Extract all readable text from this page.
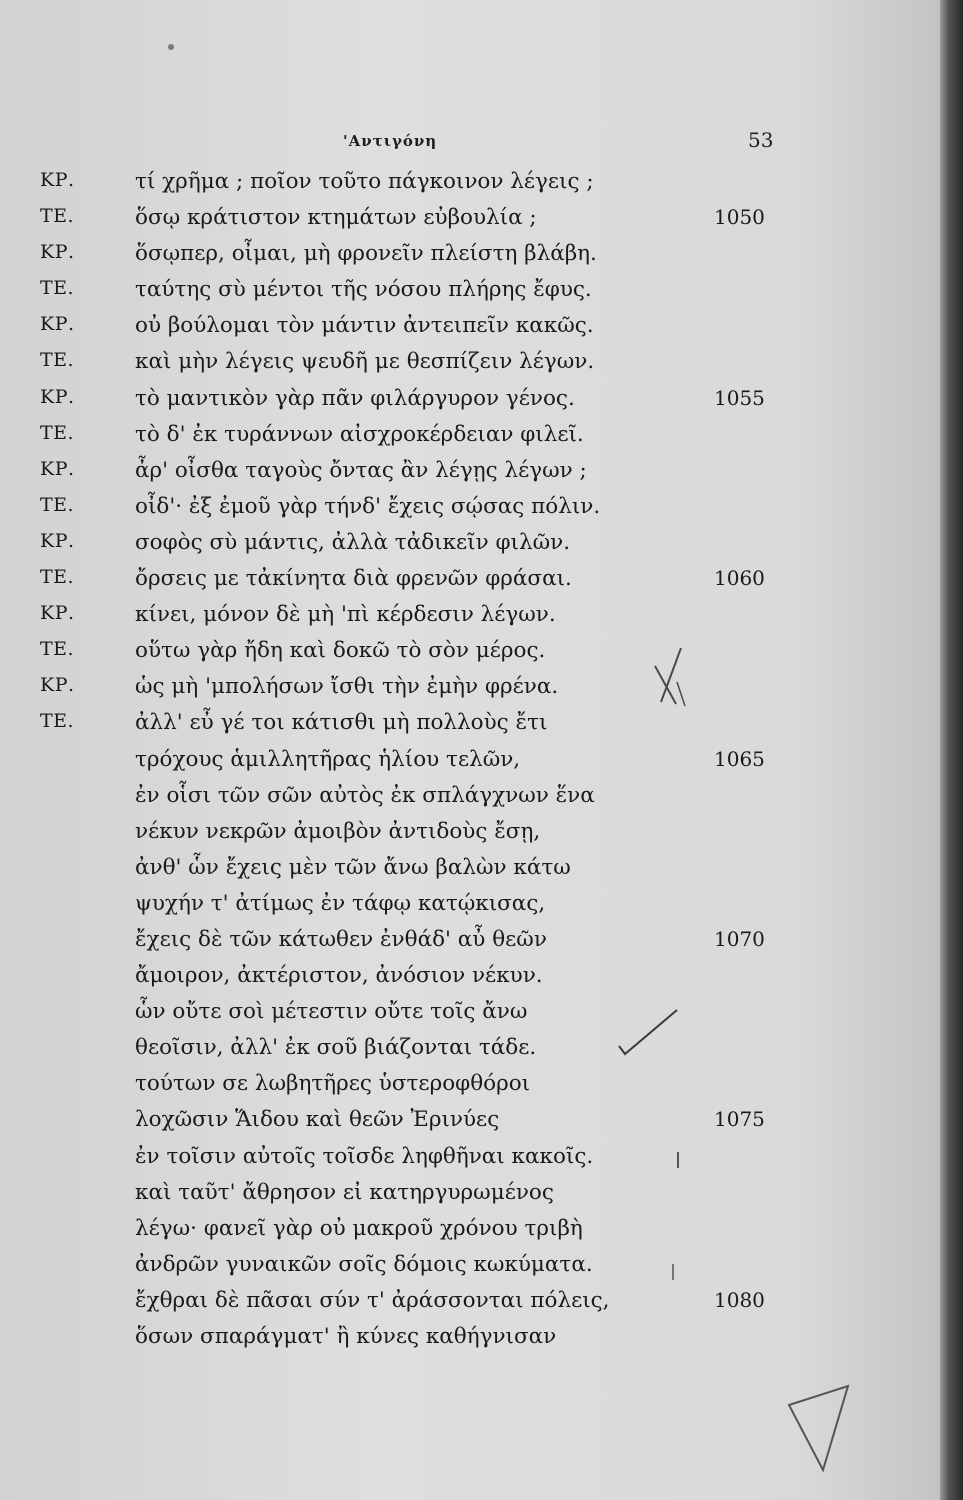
'Αντιγόνη	53
ΚΡ.	τί χρῆμα ; ποῖον τοῦτο πάγκοινον λέγεις ;
ΤΕ.	ὅσῳ κράτιστον κτημάτων εὐβουλία ;	1050
ΚΡ.	ὅσῳπερ, οἶμαι, μὴ φρονεῖν πλείστη βλάβη.
ΤΕ.	ταύτης σὺ μέντοι τῆς νόσου πλήρης ἔφυς.
ΚΡ.	οὐ βούλομαι τὸν μάντιν ἀντειπεῖν κακῶς.
ΤΕ.	καὶ μὴν λέγεις ψευδῆ με θεσπίζειν λέγων.
ΚΡ.	τὸ μαντικὸν γὰρ πᾶν φιλάργυρον γένος.	1055
ΤΕ.	τὸ δ' ἐκ τυράννων αἰσχροκέρδειαν φιλεῖ.
ΚΡ.	ἆρ' οἶσθα ταγοὺς ὄντας ἂν λέγῃς λέγων ;
ΤΕ.	οἶδ'· ἐξ ἐμοῦ γὰρ τήνδ' ἔχεις σῴσας πόλιν.
ΚΡ.	σοφὸς σὺ μάντις, ἀλλὰ τἀδικεῖν φιλῶν.
ΤΕ.	ὄρσεις με τἀκίνητα διὰ φρενῶν φράσαι.	1060
ΚΡ.	κίνει, μόνον δὲ μὴ 'πὶ κέρδεσιν λέγων.
ΤΕ.	οὕτω γὰρ ἤδη καὶ δοκῶ τὸ σὸν μέρος.
ΚΡ.	ὡς μὴ 'μπολήσων ἴσθι τὴν ἐμὴν φρένα.
ΤΕ.	ἀλλ' εὖ γέ τοι κάτισθι μὴ πολλοὺς ἔτι
τρόχους ἁμιλλητῆρας ἡλίου τελῶν,	1065
ἐν οἷσι τῶν σῶν αὐτὸς ἐκ σπλάγχνων ἕνα
νέκυν νεκρῶν ἀμοιβὸν ἀντιδοὺς ἔσῃ,
ἀνθ' ὧν ἔχεις μὲν τῶν ἄνω βαλὼν κάτω
ψυχήν τ' ἀτίμως ἐν τάφῳ κατῴκισας,
ἔχεις δὲ τῶν κάτωθεν ἐνθάδ' αὖ θεῶν	1070
ἄμοιρον, ἀκτέριστον, ἀνόσιον νέκυν.
ὧν οὔτε σοὶ μέτεστιν οὔτε τοῖς ἄνω
θεοῖσιν, ἀλλ' ἐκ σοῦ βιάζονται τάδε.
τούτων σε λωβητῆρες ὑστεροφθόροι
λοχῶσιν Ἅιδου καὶ θεῶν Ἐρινύες	1075
ἐν τοῖσιν αὐτοῖς τοῖσδε ληφθῆναι κακοῖς.
καὶ ταῦτ' ἄθρησον εἰ κατηργυρωμένος
λέγω· φανεῖ γὰρ οὐ μακροῦ χρόνου τριβὴ
ἀνδρῶν γυναικῶν σοῖς δόμοις κωκύματα.
ἔχθραι δὲ πᾶσαι σύν τ' ἀράσσονται πόλεις,	1080
ὅσων σπαράγματ' ἢ κύνες καθήγνισαν
